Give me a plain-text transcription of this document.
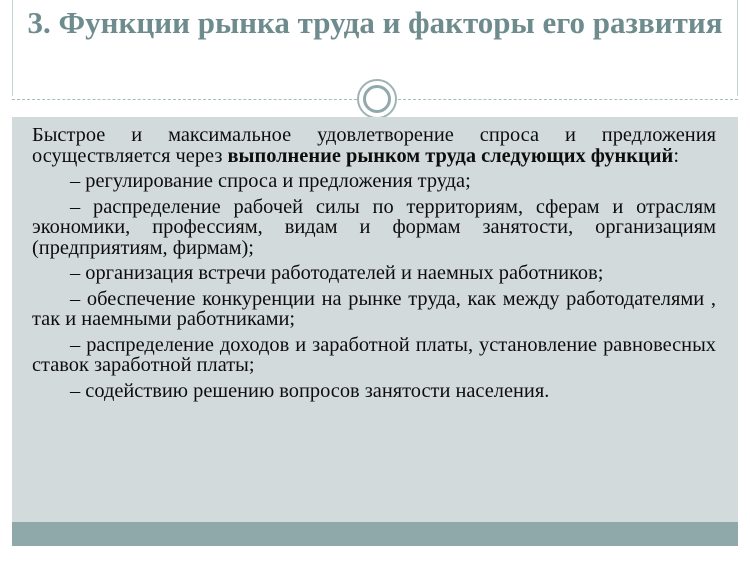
3. Функции рынка труда и факторы его развития

Быстрое и максимальное удовлетворение спроса и предложения осуществляется через выполнение рынком труда следующих функций:

– регулирование спроса и предложения труда;

– распределение рабочей силы по территориям, сферам и отраслям экономики, профессиям, видам и формам занятости, организациям (предприятиям, фирмам);

– организация встречи работодателей и наемных работников;

– обеспечение конкуренции на рынке труда, как между работодателями , так и наемными работниками;

– распределение доходов и заработной платы, установление равновесных ставок заработной платы;

– содействию решению вопросов занятости населения.
